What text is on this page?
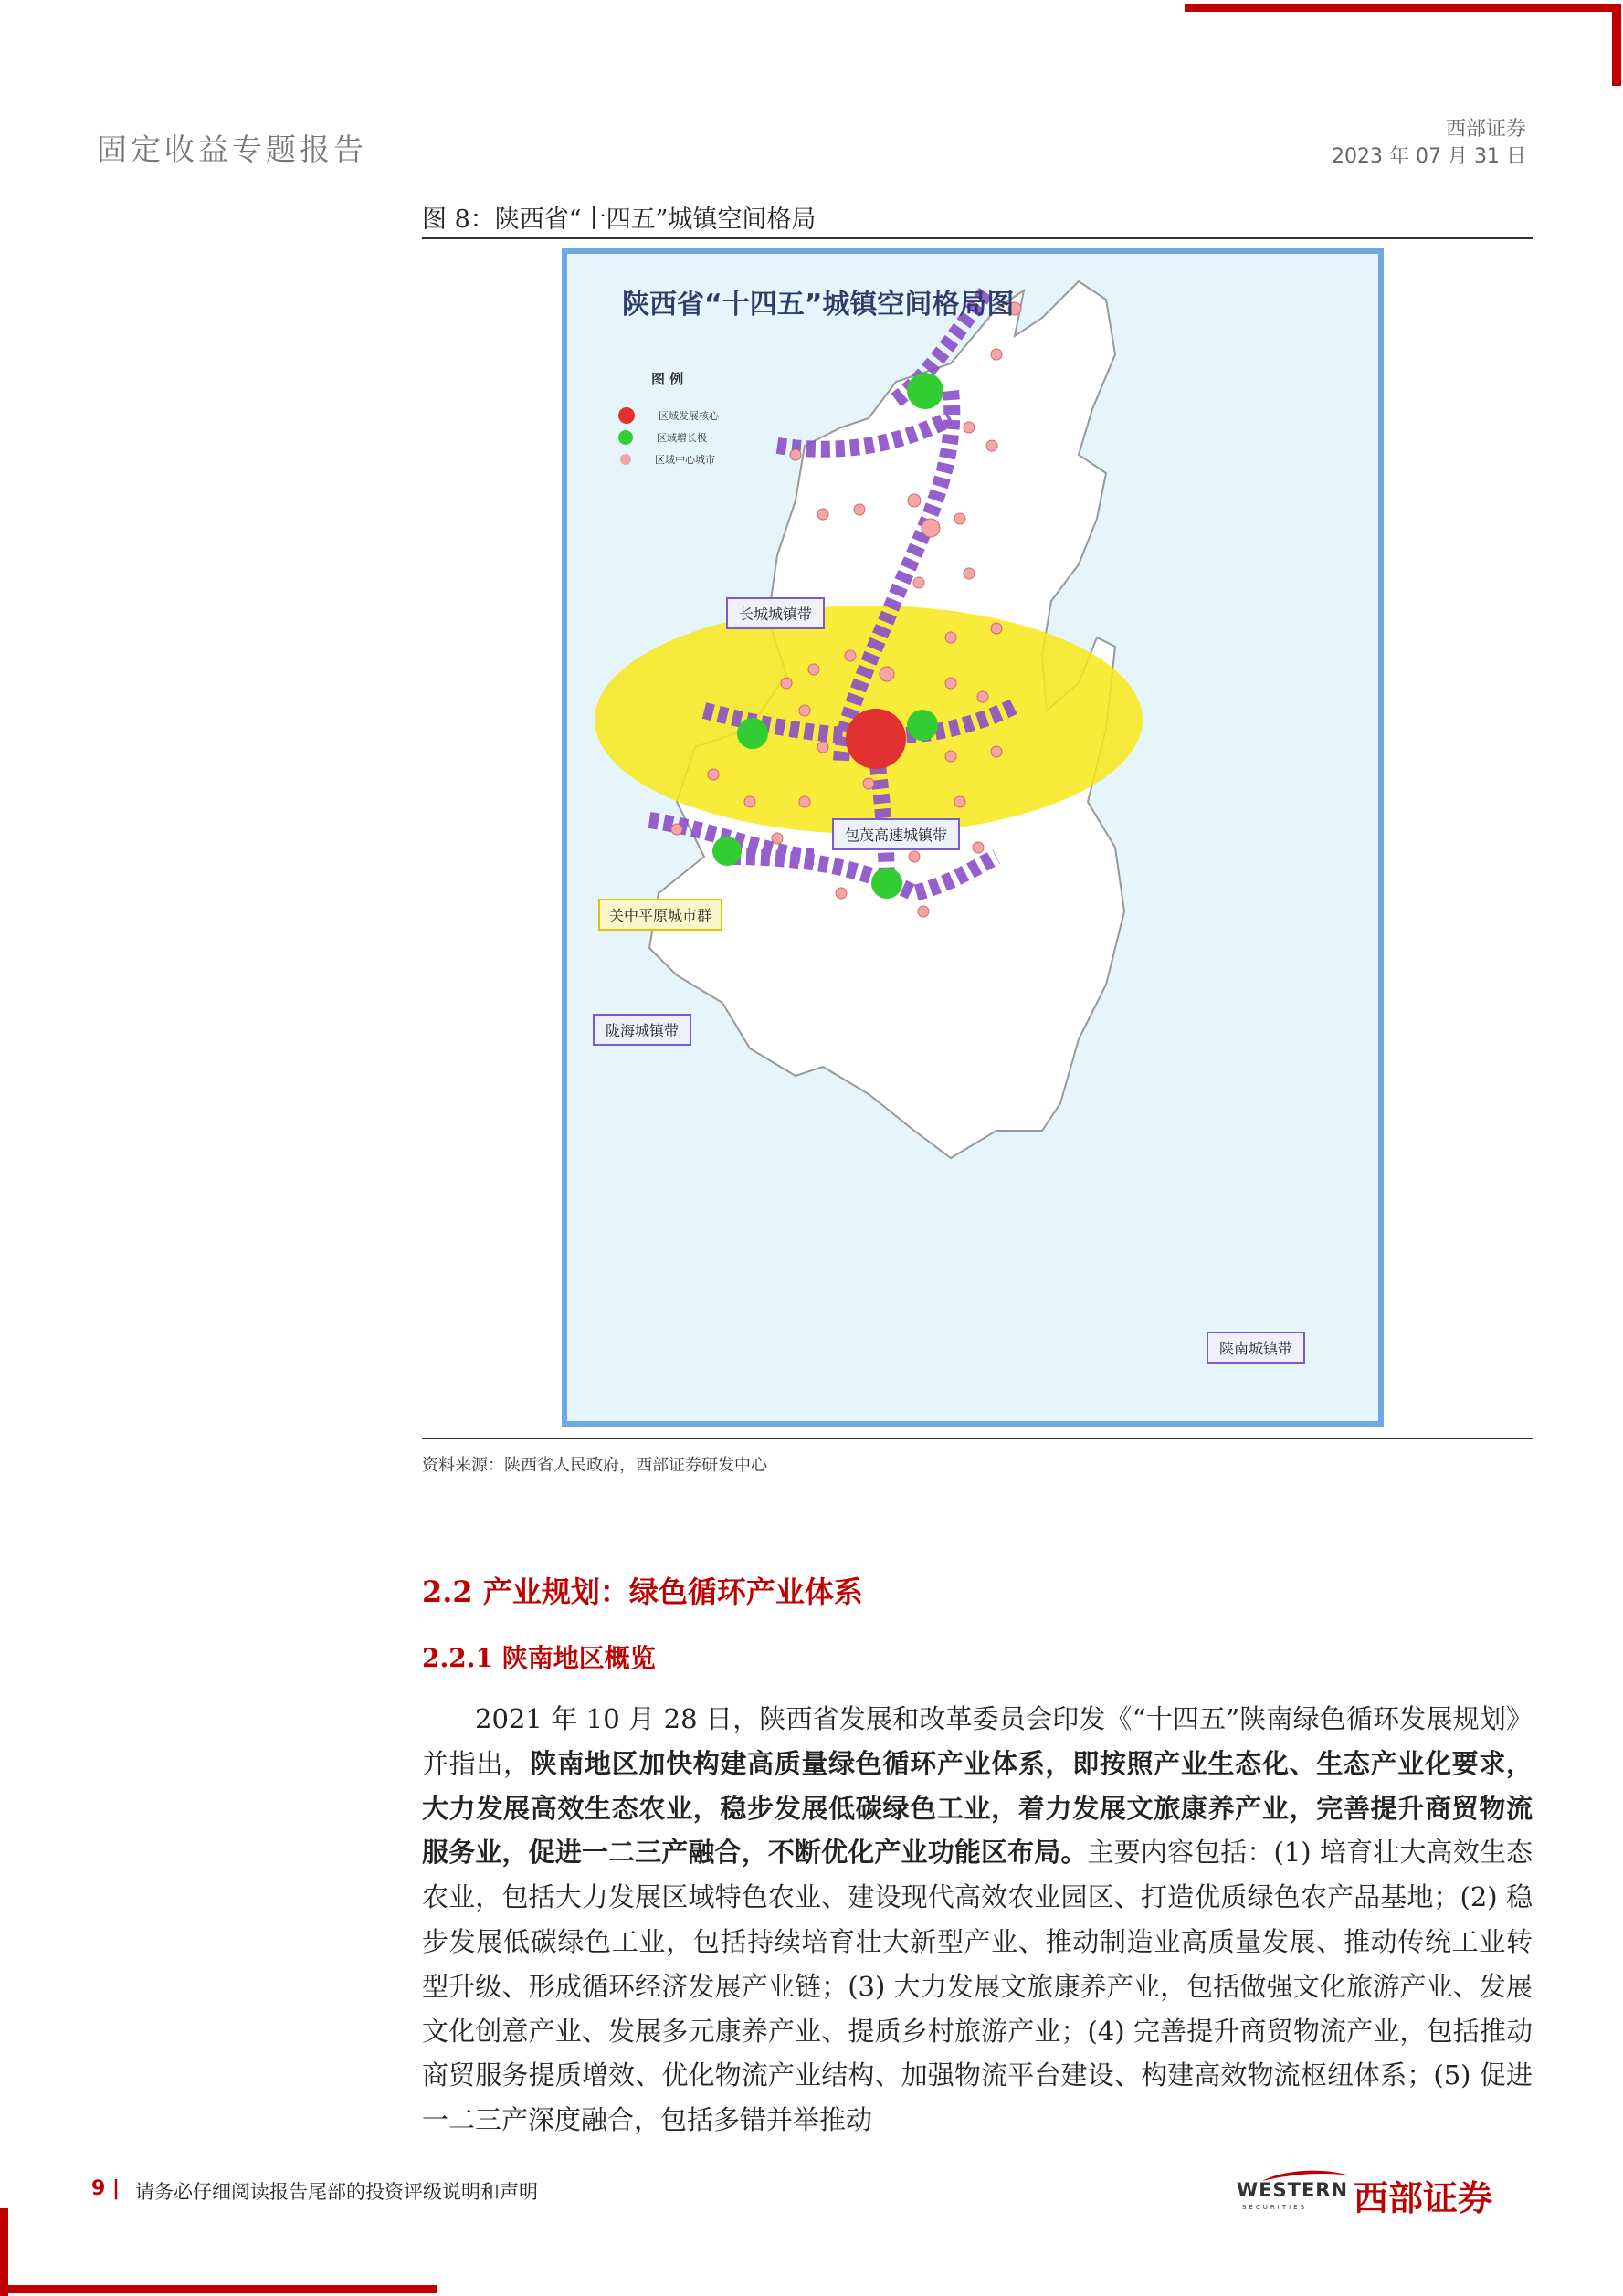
固定收益专题报告
西部证券
2023 年 07 月 31 日
图 8：陕西省“十四五”城镇空间格局
陕西省“十四五”城镇空间格局图
图 例
区域发展核心
区域增长极
区域中心城市
长城城镇带
包茂高速城镇带
关中平原城市群
陇海城镇带
陕南城镇带
资料来源：陕西省人民政府，西部证券研发中心
2.2 产业规划：绿色循环产业体系
2.2.1 陕南地区概览

2021 年 10 月 28 日，陕西省发展和改革委员会印发《“十四五”陕南绿色循环发展规划》并指出，陕南地区加快构建高质量绿色循环产业体系，即按照产业生态化、生态产业化要求，大力发展高效生态农业，稳步发展低碳绿色工业，着力发展文旅康养产业，完善提升商贸物流服务业，促进一二三产融合，不断优化产业功能区布局。主要内容包括：(1) 培育壮大高效生态农业，包括大力发展区域特色农业、建设现代高效农业园区、打造优质绿色农产品基地；(2) 稳步发展低碳绿色工业，包括持续培育壮大新型产业、推动制造业高质量发展、推动传统工业转型升级、形成循环经济发展产业链；(3) 大力发展文旅康养产业，包括做强文化旅游产业、发展文化创意产业、发展多元康养产业、提质乡村旅游产业；(4) 完善提升商贸物流产业，包括推动商贸服务提质增效、优化物流产业结构、加强物流平台建设、构建高效物流枢纽体系；(5) 促进一二三产深度融合，包括多错并举推动

9 | 请务必仔细阅读报告尾部的投资评级说明和声明	WESTERN
SECURITIES 西部证券
